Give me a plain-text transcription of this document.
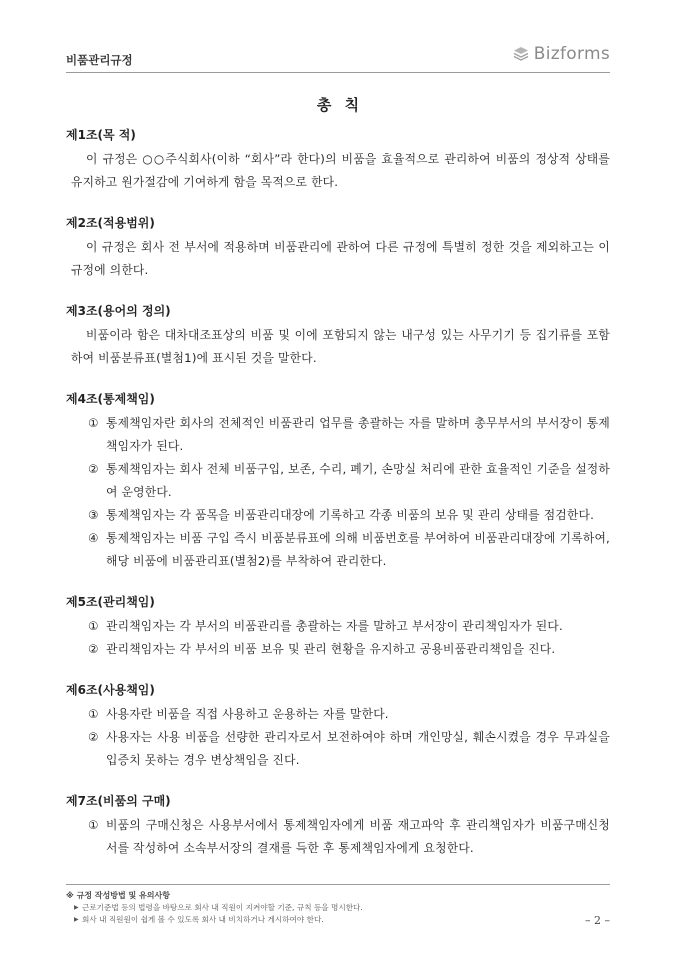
비품관리규정	Bizforms
총 칙
제1조(목 적)
이 규정은 ○○주식회사(이하 “회사”라 한다)의 비품을 효율적으로 관리하여 비품의 정상적 상태를 유지하고 원가절감에 기여하게 함을 목적으로 한다.
제2조(적용범위)
이 규정은 회사 전 부서에 적용하며 비품관리에 관하여 다른 규정에 특별히 정한 것을 제외하고는 이 규정에 의한다.
제3조(용어의 정의)
비품이라 함은 대차대조표상의 비품 및 이에 포함되지 않는 내구성 있는 사무기기 등 집기류를 포함하여 비품분류표(별첨1)에 표시된 것을 말한다.
제4조(통제책임)
① 통제책임자란 회사의 전체적인 비품관리 업무를 총괄하는 자를 말하며 총무부서의 부서장이 통제책임자가 된다.
② 통제책임자는 회사 전체 비품구입, 보존, 수리, 폐기, 손망실 처리에 관한 효율적인 기준을 설정하여 운영한다.
③ 통제책임자는 각 품목을 비품관리대장에 기록하고 각종 비품의 보유 및 관리 상태를 점검한다.
④ 통제책임자는 비품 구입 즉시 비품분류표에 의해 비품번호를 부여하여 비품관리대장에 기록하여, 해당 비품에 비품관리표(별첨2)를 부착하여 관리한다.
제5조(관리책임)
① 관리책임자는 각 부서의 비품관리를 총괄하는 자를 말하고 부서장이 관리책임자가 된다.
② 관리책임자는 각 부서의 비품 보유 및 관리 현황을 유지하고 공용비품관리책임을 진다.
제6조(사용책임)
① 사용자란 비품을 직접 사용하고 운용하는 자를 말한다.
② 사용자는 사용 비품을 선량한 관리자로서 보전하여야 하며 개인망실, 훼손시켰을 경우 무과실을 입증치 못하는 경우 변상책임을 진다.
제7조(비품의 구매)
① 비품의 구매신청은 사용부서에서 통제책임자에게 비품 재고파악 후 관리책임자가 비품구매신청서를 작성하여 소속부서장의 결재를 득한 후 통제책임자에게 요청한다.
※ 규정 작성방법 및 유의사항
▶ 근로기준법 등의 법령을 바탕으로 회사 내 직원이 지켜야할 기준, 규칙 등을 명시한다.
▶ 회사 내 직원원이 쉽게 볼 수 있도록 회사 내 비치하거나 게시하여야 한다.	– 2 –
